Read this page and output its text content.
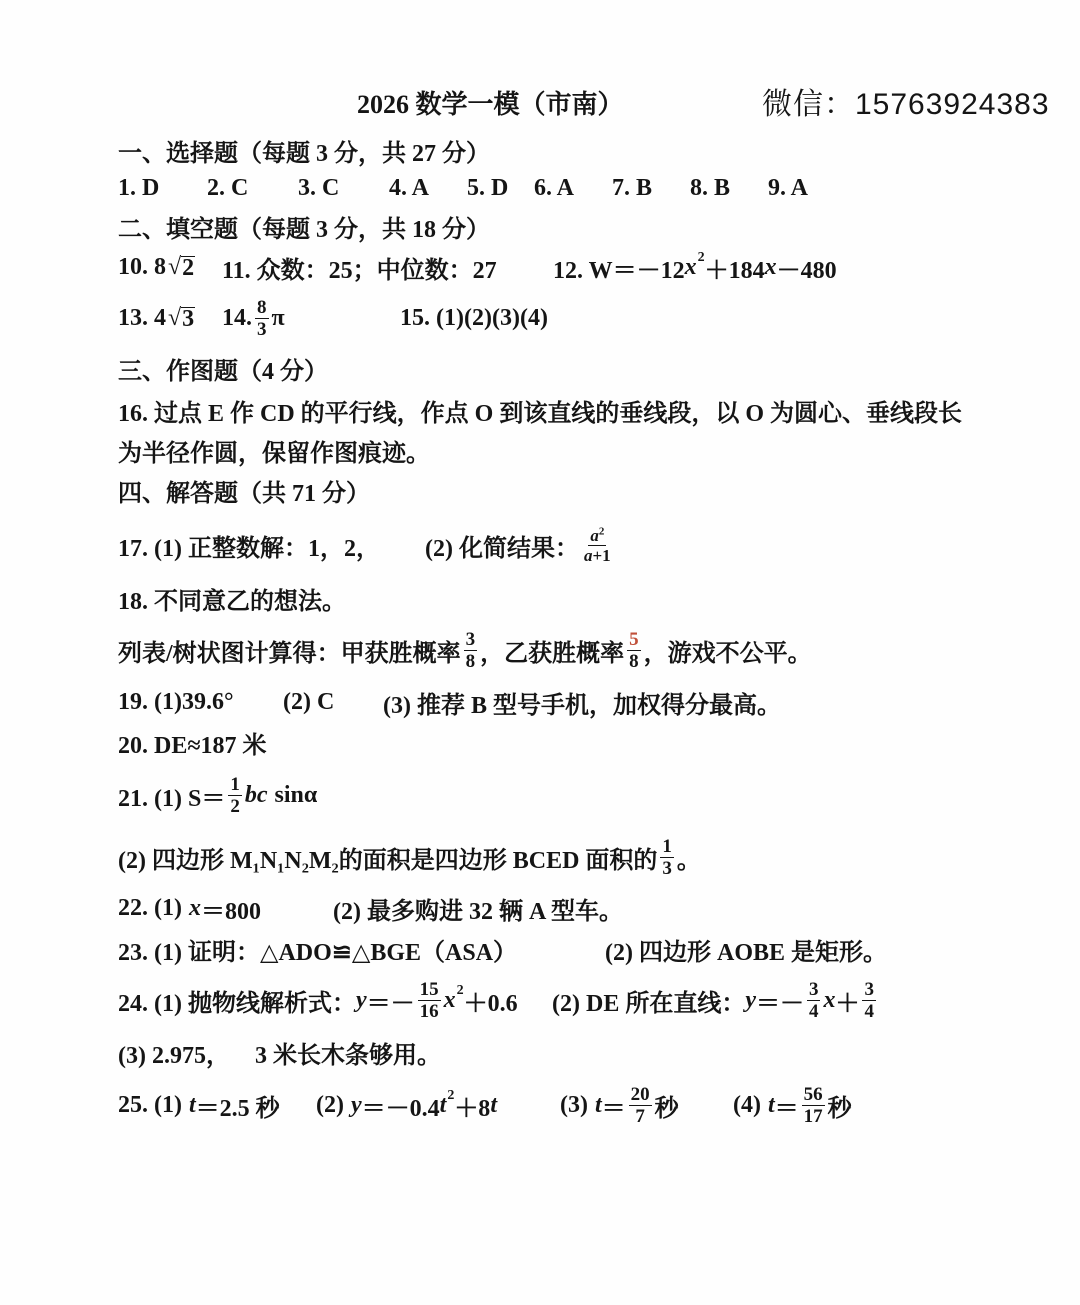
2026 数学一模（市南）	微信：15763924383
一、选择题（每题 3 分，共 27 分）
1. D 2. C 3. C 4. A 5. D 6. A 7. B 8. B 9. A
二、填空题（每题 3 分，共 18 分）
10. 8 √ 2 11. 众数：25；中位数：27 12. W＝－12 x 2 ＋184 x －480
13. 4 √ 3 14. $\frac{8}{3}$ π	15. (1)(2)(3)(4)
三、作图题（4 分）
16. 过点 E 作 CD 的平行线，作点 O 到该直线的垂线段，以 O 为圆心、垂线段长
为半径作圆，保留作图痕迹。
四、解答题（共 71 分）
17. (1) 正整数解：1，2， (2) 化简结果： $\frac{a^2}{a+1}$
18. 不同意乙的想法。
列表/树状图计算得：甲获胜概率 $\frac{3}{8}$ ，乙获胜概率 $\frac{5}{8}$ ，游戏不公平。
19. (1)39.6° (2) C (3) 推荐 B 型号手机，加权得分最高。
20. DE≈187 米
21. (1) $S= \frac{1}{2}$ bc sinα
(2) 四边形 M₁N₁N₂M₂的面积是四边形 BCED 面积的 $\frac{1}{3}$ 。
22. (1) x ＝800	(2) 最多购进 32 辆 A 型车。
23. (1) 证明：△ADO≌△BGE（ASA）	(2) 四边形 AOBE 是矩形。
24. (1) 抛物线解析式： $y =- \frac{15}{16}$ x 2 ＋0.6 (2) DE 所在直线： $y =- \frac{3}{4}$ $x + \frac{3}{4}$
(3) 2.975， 3 米长木条够用。
25. (1) t ＝2.5 秒 (2) y ＝－0.4 t 2 ＋8 t	(3) $t = \frac{20}{7}$ 秒 (4) $t = \frac{56}{17}$ 秒
